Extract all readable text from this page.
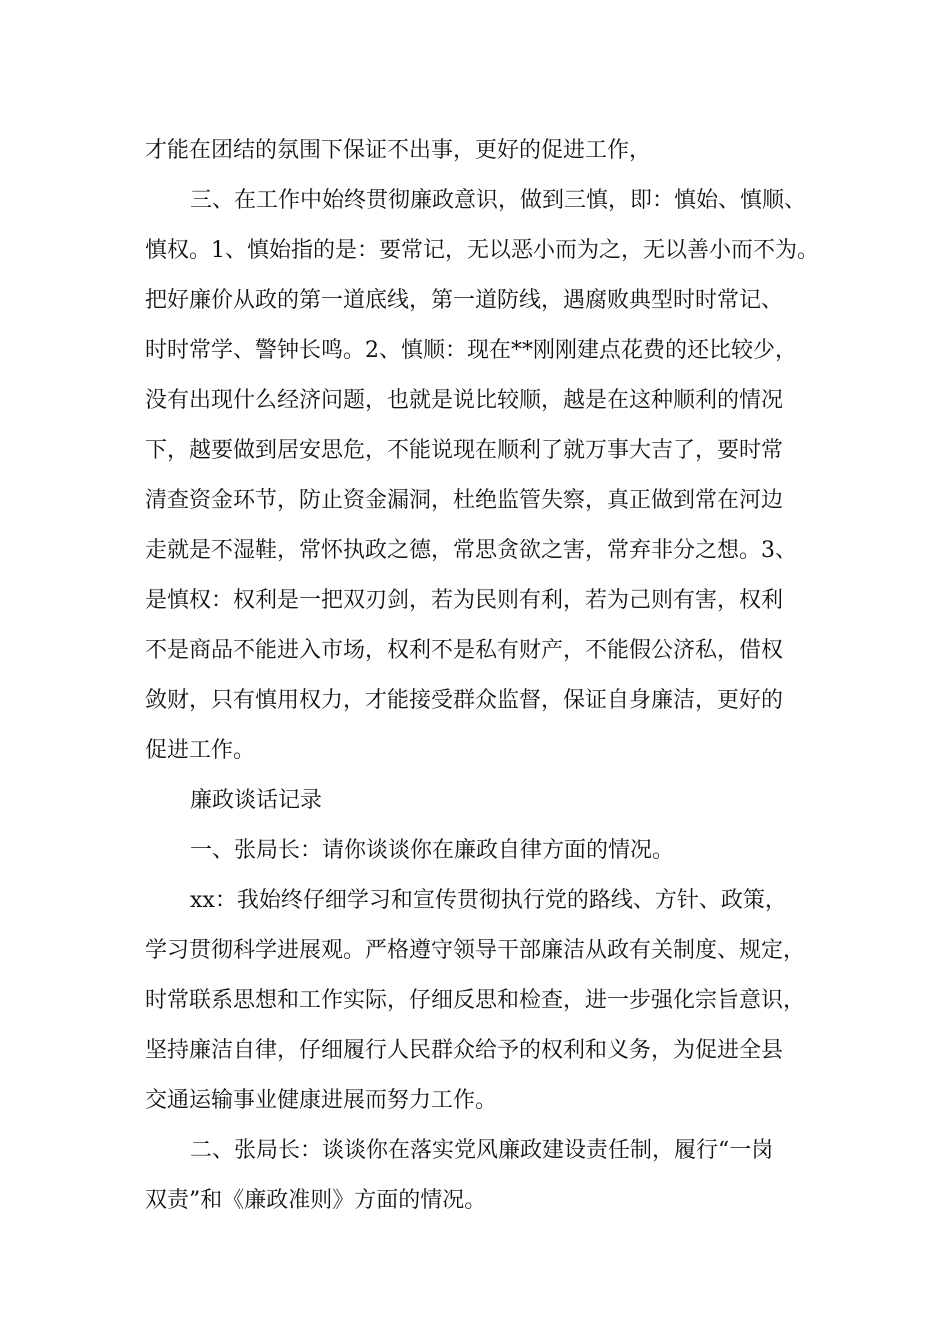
才能在团结的氛围下保证不出事，更好的促进工作，
三、在工作中始终贯彻廉政意识，做到三慎，即：慎始、慎顺、
慎权。1、慎始指的是：要常记，无以恶小而为之，无以善小而不为。
把好廉价从政的第一道底线，第一道防线，遇腐败典型时时常记、
时时常学、警钟长鸣。2、慎顺：现在**刚刚建点花费的还比较少，
没有出现什么经济问题，也就是说比较顺，越是在这种顺利的情况
下，越要做到居安思危，不能说现在顺利了就万事大吉了，要时常
清查资金环节，防止资金漏洞，杜绝监管失察，真正做到常在河边
走就是不湿鞋，常怀执政之德，常思贪欲之害，常弃非分之想。3、
是慎权：权利是一把双刃剑，若为民则有利，若为己则有害，权利
不是商品不能进入市场，权利不是私有财产，不能假公济私，借权
敛财，只有慎用权力，才能接受群众监督，保证自身廉洁，更好的
促进工作。
廉政谈话记录
一、张局长：请你谈谈你在廉政自律方面的情况。
xx：我始终仔细学习和宣传贯彻执行党的路线、方针、政策，
学习贯彻科学进展观。严格遵守领导干部廉洁从政有关制度、规定，
时常联系思想和工作实际，仔细反思和检查，进一步强化宗旨意识，
坚持廉洁自律，仔细履行人民群众给予的权利和义务，为促进全县
交通运输事业健康进展而努力工作。
二、张局长：谈谈你在落实党风廉政建设责任制，履行“一岗
双责”和《廉政准则》方面的情况。
